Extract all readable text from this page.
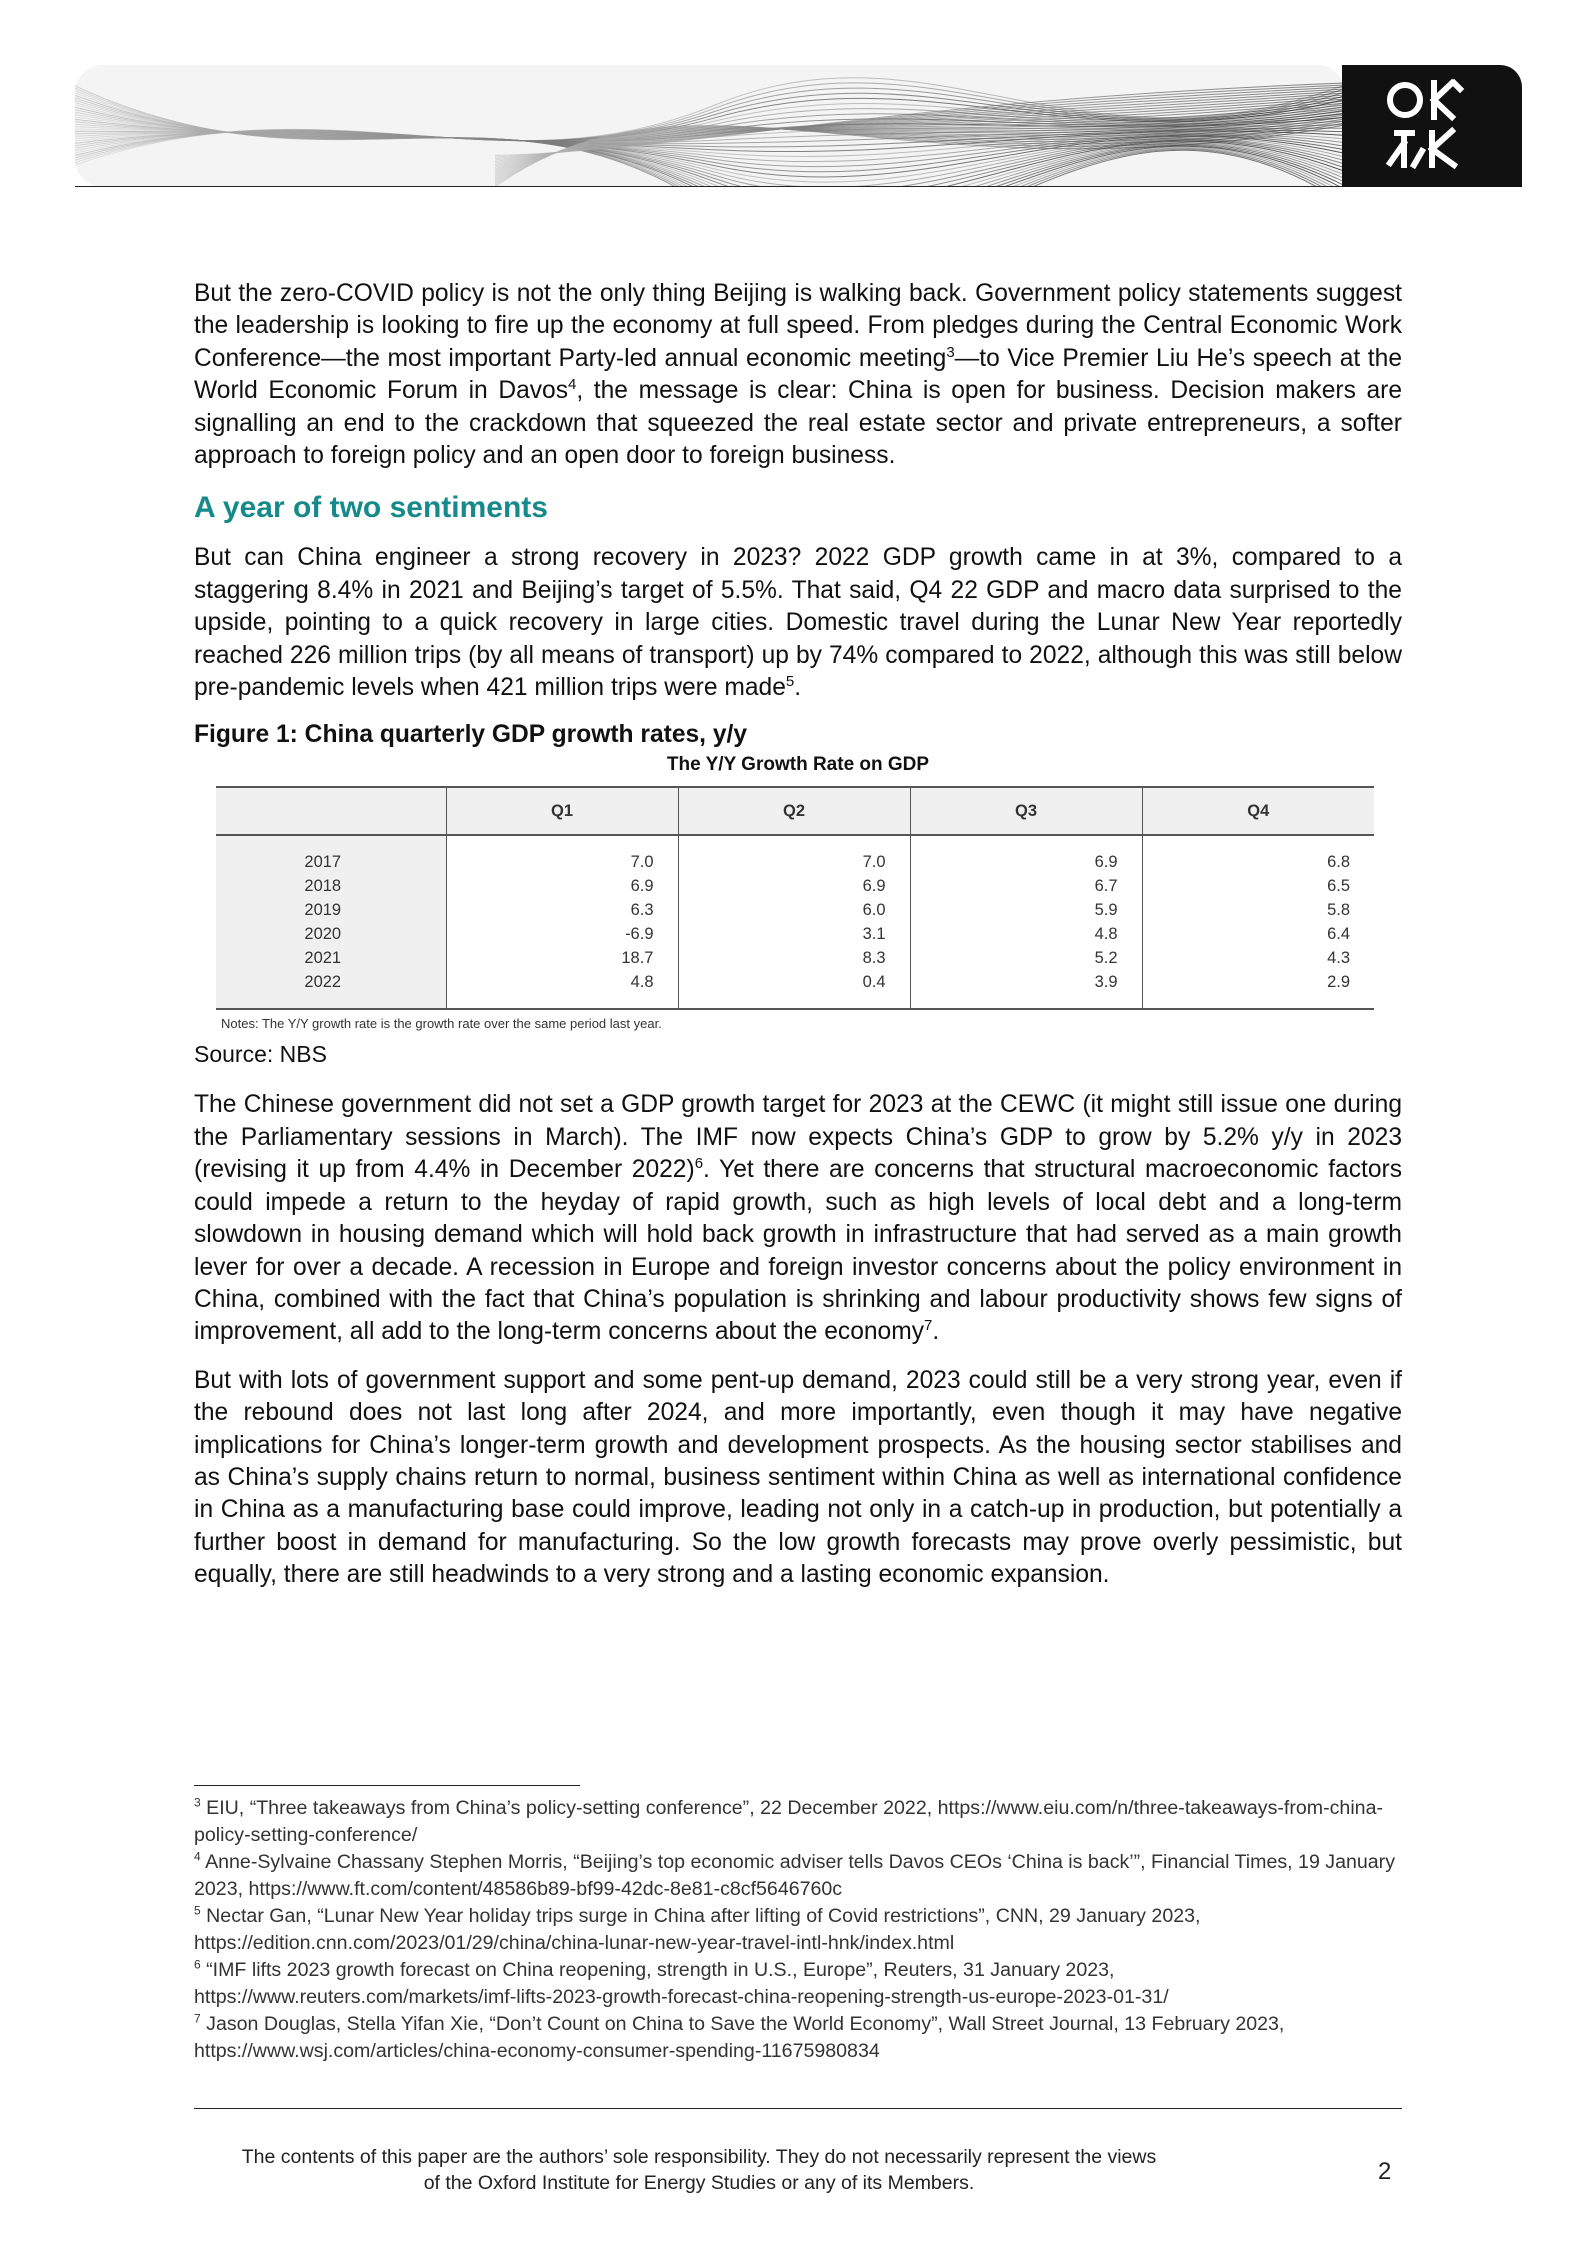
But the zero-COVID policy is not the only thing Beijing is walking back. Government policy statements suggest the leadership is looking to fire up the economy at full speed. From pledges during the Central Economic Work Conference—the most important Party-led annual economic meeting$^3$—to Vice Premier Liu He’s speech at the World Economic Forum in Davos$^4$, the message is clear: China is open for business. Decision makers are signalling an end to the crackdown that squeezed the real estate sector and private entrepreneurs, a softer approach to foreign policy and an open door to foreign business.

A year of two sentiments

But can China engineer a strong recovery in 2023? 2022 GDP growth came in at 3%, compared to a staggering 8.4% in 2021 and Beijing’s target of 5.5%. That said, Q4 22 GDP and macro data surprised to the upside, pointing to a quick recovery in large cities. Domestic travel during the Lunar New Year reportedly reached 226 million trips (by all means of transport) up by 74% compared to 2022, although this was still below pre-pandemic levels when 421 million trips were made$^5$.

Figure 1: China quarterly GDP growth rates, y/y

The Y/Y Growth Rate on GDP

	Q1	Q2	Q3	Q4

2017	7.0	7.0	6.9	6.8
2018	6.9	6.9	6.7	6.5
2019	6.3	6.0	5.9	5.8
2020	-6.9	3.1	4.8	6.4
2021	18.7	8.3	5.2	4.3
2022	4.8	0.4	3.9	2.9
Notes: The Y/Y growth rate is the growth rate over the same period last year.
Source: NBS

The Chinese government did not set a GDP growth target for 2023 at the CEWC (it might still issue one during the Parliamentary sessions in March). The IMF now expects China’s GDP to grow by 5.2% y/y in 2023 (revising it up from 4.4% in December 2022)$^6$. Yet there are concerns that structural macroeconomic factors could impede a return to the heyday of rapid growth, such as high levels of local debt and a long-term slowdown in housing demand which will hold back growth in infrastructure that had served as a main growth lever for over a decade. A recession in Europe and foreign investor concerns about the policy environment in China, combined with the fact that China’s population is shrinking and labour productivity shows few signs of improvement, all add to the long-term concerns about the economy$^7$.

But with lots of government support and some pent-up demand, 2023 could still be a very strong year, even if the rebound does not last long after 2024, and more importantly, even though it may have negative implications for China’s longer-term growth and development prospects. As the housing sector stabilises and as China’s supply chains return to normal, business sentiment within China as well as international confidence in China as a manufacturing base could improve, leading not only in a catch-up in production, but potentially a further boost in demand for manufacturing. So the low growth forecasts may prove overly pessimistic, but equally, there are still headwinds to a very strong and a lasting economic expansion.

$^3$ EIU, “Three takeaways from China’s policy-setting conference”, 22 December 2022, https://www.eiu.com/n/three-takeaways-from-china-policy-setting-conference/

$^4$ Anne-Sylvaine Chassany Stephen Morris, “Beijing’s top economic adviser tells Davos CEOs ‘China is back’”, Financial Times, 19 January 2023, https://www.ft.com/content/48586b89-bf99-42dc-8e81-c8cf5646760c

$^5$ Nectar Gan, “Lunar New Year holiday trips surge in China after lifting of Covid restrictions”, CNN, 29 January 2023, https://edition.cnn.com/2023/01/29/china/china-lunar-new-year-travel-intl-hnk/index.html

$^6$ “IMF lifts 2023 growth forecast on China reopening, strength in U.S., Europe”, Reuters, 31 January 2023, https://www.reuters.com/markets/imf-lifts-2023-growth-forecast-china-reopening-strength-us-europe-2023-01-31/

$^7$ Jason Douglas, Stella Yifan Xie, “Don’t Count on China to Save the World Economy”, Wall Street Journal, 13 February 2023, https://www.wsj.com/articles/china-economy-consumer-spending-11675980834

The contents of this paper are the authors’ sole responsibility. They do not necessarily represent the views
of the Oxford Institute for Energy Studies or any of its Members.	2
